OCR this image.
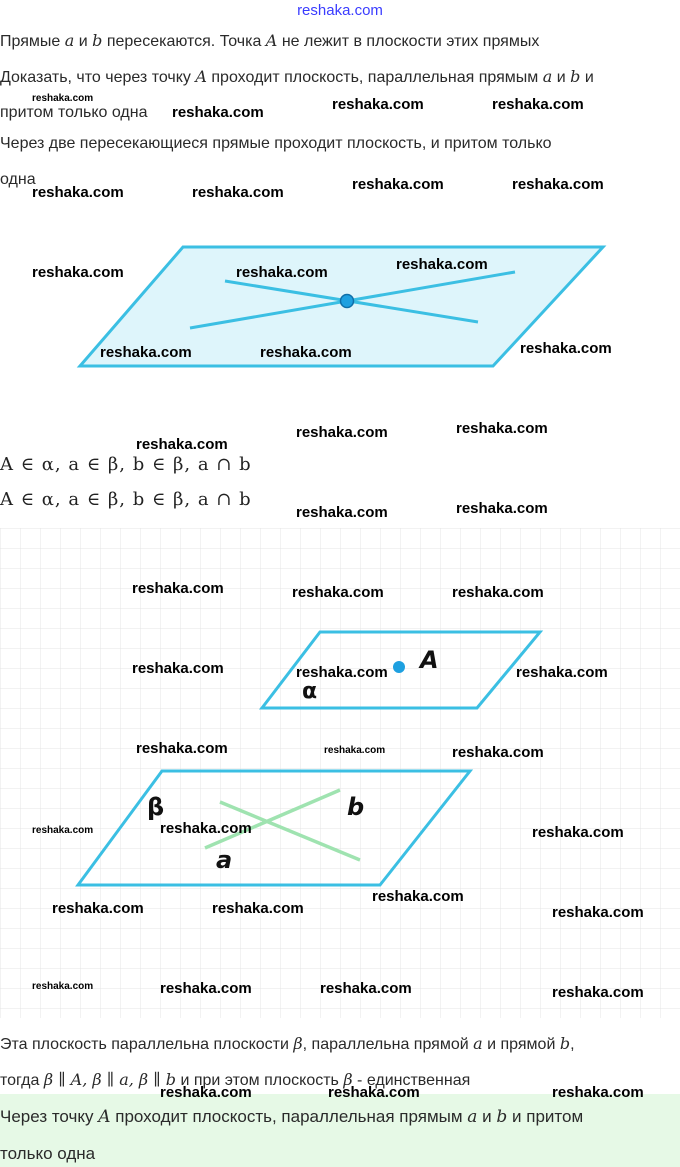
reshaka.com
Прямые a и b пересекаются. Точка A не лежит в плоскости этих прямых
Доказать, что через точку A проходит плоскость, параллельная прямым a и b и
притом только одна
Через две пересекающиеся прямые проходит плоскость, и притом только
одна
A ∈ α, a ∈ β, b ∈ β, a ∩ b
A ∈ α, a ∈ β, b ∈ β, a ∩ b
A
α
β	b
a
Эта плоскость параллельна плоскости β, параллельна прямой a и прямой b,
тогда β ∥ A, β ∥ a, β ∥ b и при этом плоскость β - единственная
Через точку A проходит плоскость, параллельная прямым a и b и притом
только одна
reshaka.com
reshaka.com	reshaka.com	reshaka.com
reshaka.com	reshaka.com	reshaka.com	reshaka.com
reshaka.com	reshaka.com	reshaka.com
reshaka.com	reshaka.com	reshaka.com
reshaka.com
reshaka.com	reshaka.com
reshaka.com	reshaka.com
reshaka.com	reshaka.com	reshaka.com
reshaka.com	reshaka.com	reshaka.com
reshaka.com	reshaka.com	reshaka.com
reshaka.com	reshaka.com	reshaka.com
reshaka.com
reshaka.com	reshaka.com	reshaka.com
reshaka.com	reshaka.com	reshaka.com	reshaka.com
reshaka.com	reshaka.com	reshaka.com
